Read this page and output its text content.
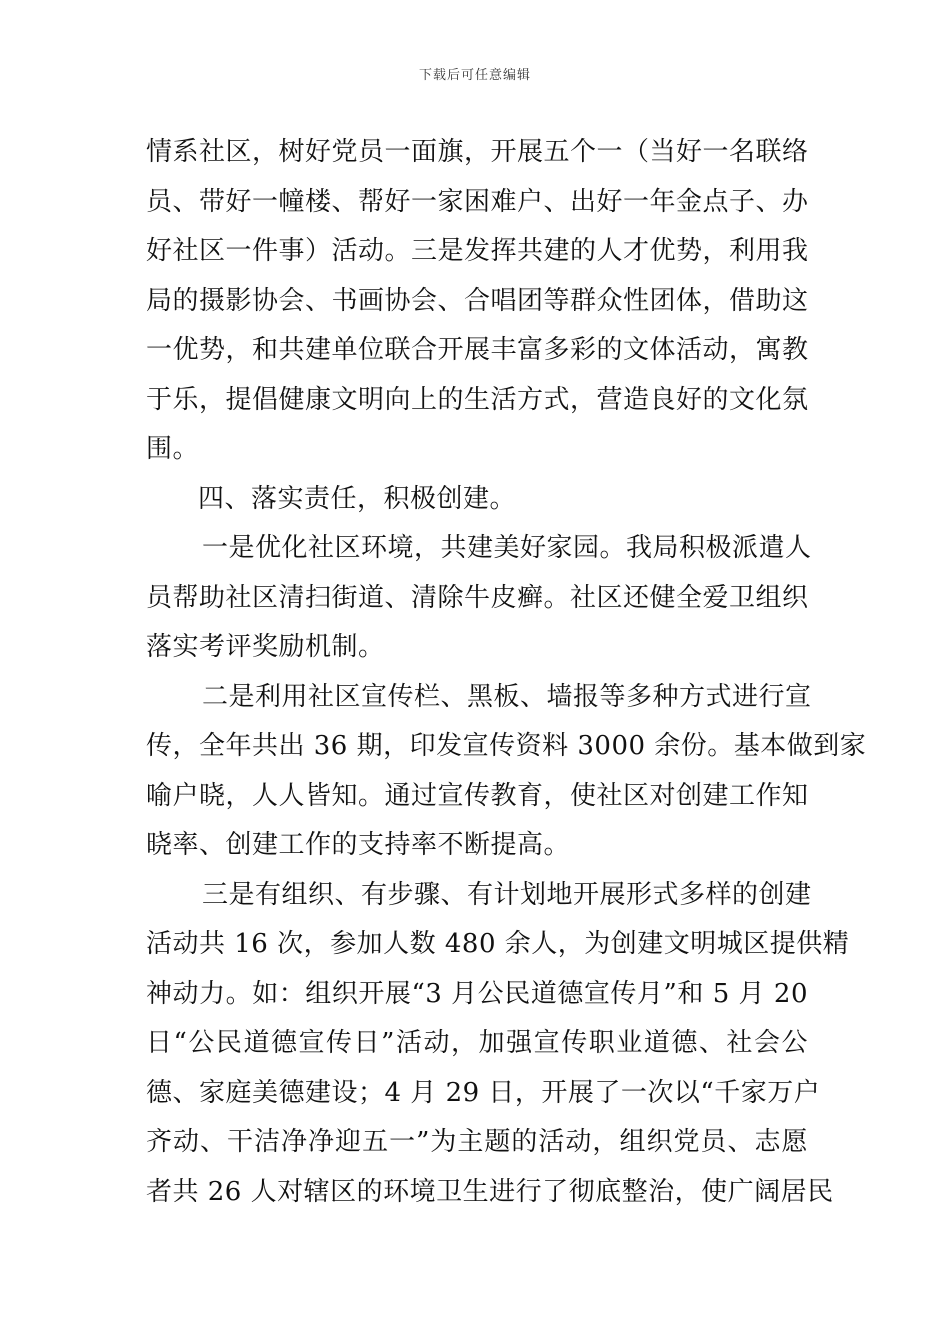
下载后可任意编辑
情系社区，树好党员一面旗，开展五个一（当好一名联络
员、带好一幢楼、帮好一家困难户、出好一年金点子、办
好社区一件事）活动。三是发挥共建的人才优势，利用我
局的摄影协会、书画协会、合唱团等群众性团体，借助这
一优势，和共建单位联合开展丰富多彩的文体活动，寓教
于乐，提倡健康文明向上的生活方式，营造良好的文化氛
围。
四、落实责任，积极创建。
一是优化社区环境，共建美好家园。我局积极派遣人
员帮助社区清扫街道、清除牛皮癣。社区还健全爱卫组织
落实考评奖励机制。
二是利用社区宣传栏、黑板、墙报等多种方式进行宣
传，全年共出 36 期，印发宣传资料 3000 余份。基本做到家
喻户晓，人人皆知。通过宣传教育，使社区对创建工作知
晓率、创建工作的支持率不断提高。
三是有组织、有步骤、有计划地开展形式多样的创建
活动共 16 次，参加人数 480 余人，为创建文明城区提供精
神动力。如：组织开展“3 月公民道德宣传月”和 5 月 20
日“公民道德宣传日”活动，加强宣传职业道德、社会公
德、家庭美德建设；4 月 29 日，开展了一次以“千家万户
齐动、干洁净净迎五一”为主题的活动，组织党员、志愿
者共 26 人对辖区的环境卫生进行了彻底整治，使广阔居民
